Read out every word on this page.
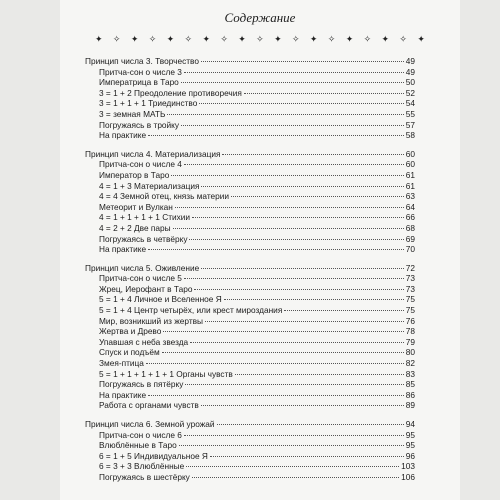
Содержание
✦ ✧ ✦ ✧ ✦ ✧ ✦ ✧ ✦ ✧ ✦ ✧ ✦ ✧ ✦ ✧ ✦ ✧ ✦
Принцип числа 3. Творчество	49
Притча-сон о числе 3	49
Императрица в Таро	50
3 = 1 + 2 Преодоление противоречия	52
3 = 1 + 1 + 1 Триединство	54
3 = земная МАТЬ	55
Погружаясь в тройку	57
На практике	58
Принцип числа 4. Материализация	60
Притча-сон о числе 4	60
Император в Таро	61
4 = 1 + 3 Материализация	61
4 = 4 Земной отец, князь материи	63
Метеорит и Вулкан	64
4 = 1 + 1 + 1 + 1 Стихии	66
4 = 2 + 2 Две пары	68
Погружаясь в четвёрку	69
На практике	70
Принцип числа 5. Оживление	72
Притча-сон о числе 5	73
Жрец, Иерофант в Таро	73
5 = 1 + 4 Личное и Вселенное Я	75
5 = 1 + 4 Центр четырёх, или крест мироздания	75
Мир, возникший из жертвы	76
Жертва и Древо	78
Упавшая с неба звезда	79
Спуск и подъём	80
Змея-птица	82
5 = 1 + 1 + 1 + 1 + 1 Органы чувств	83
Погружаясь в пятёрку	85
На практике	86
Работа с органами чувств	89
Принцип числа 6. Земной урожай	94
Притча-сон о числе 6	95
Влюблённые в Таро	95
6 = 1 + 5 Индивидуальное Я	96
6 = 3 + 3 Влюблённые	103
Погружаясь в шестёрку	106
